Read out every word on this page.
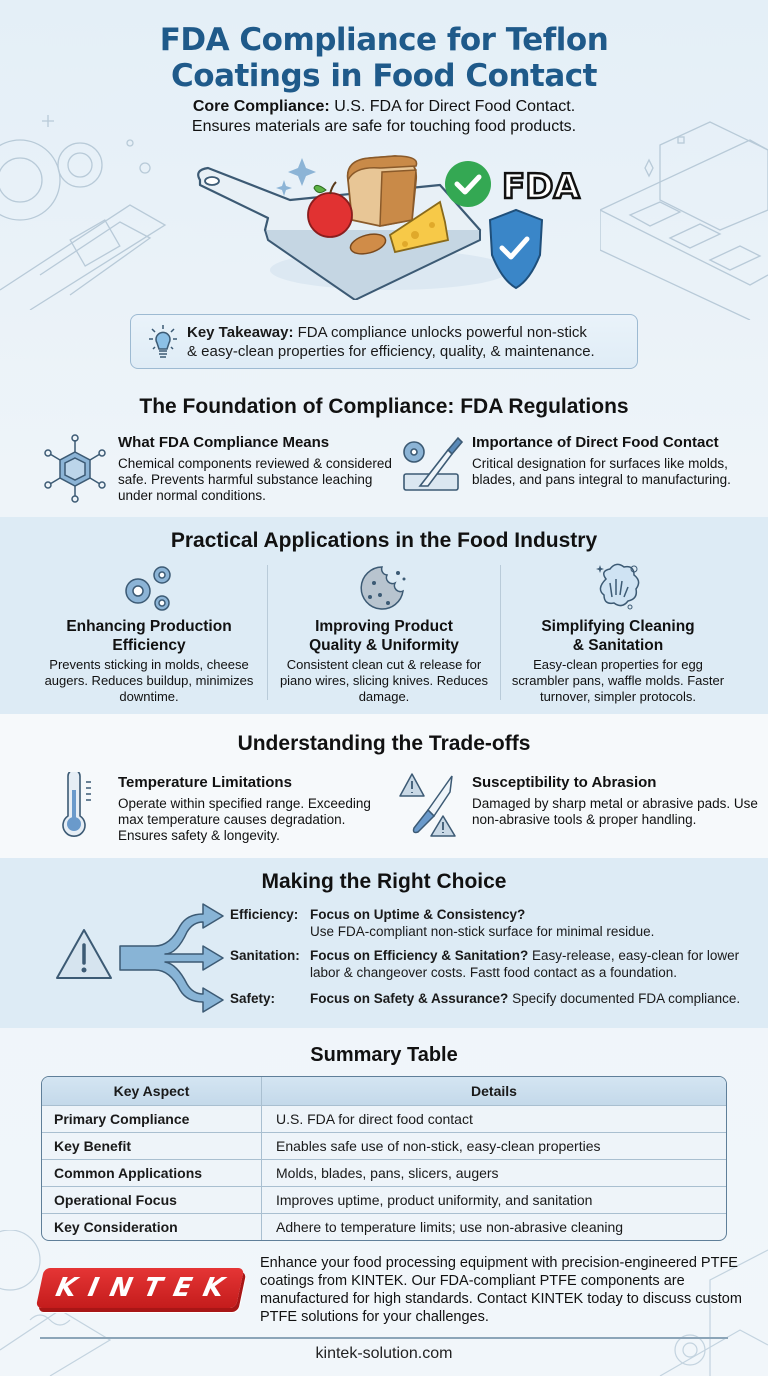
FDA Compliance for Teflon
Coatings in Food Contact
Core Compliance: U.S. FDA for Direct Food Contact.
Ensures materials are safe for touching food products.
FDA
Key Takeaway: FDA compliance unlocks powerful non-stick
& easy-clean properties for efficiency, quality, & maintenance.
The Foundation of Compliance: FDA Regulations
What FDA Compliance Means
Chemical components reviewed & considered safe. Prevents harmful substance leaching under normal conditions.
Importance of Direct Food Contact
Critical designation for surfaces like molds, blades, and pans integral to manufacturing.
Practical Applications in the Food Industry
Enhancing Production
Efficiency
Prevents sticking in molds, cheese augers. Reduces buildup, minimizes downtime.
Improving Product
Quality & Uniformity
Consistent clean cut & release for piano wires, slicing knives. Reduces damage.
Simplifying Cleaning
& Sanitation
Easy-clean properties for egg scrambler pans, waffle molds. Faster turnover, simpler protocols.
Understanding the Trade-offs
Temperature Limitations
Operate within specified range. Exceeding max temperature causes degradation. Ensures safety & longevity.
Susceptibility to Abrasion
Damaged by sharp metal or abrasive pads. Use non-abrasive tools & proper handling.
Making the Right Choice
Efficiency: Focus on Uptime & Consistency?
Use FDA-compliant non-stick surface for minimal residue.
Sanitation: Focus on Efficiency & Sanitation? Easy-release, easy-clean for lower labor & changeover costs. Fastt food contact as a foundation.
Safety:	Focus on Safety & Assurance? Specify documented FDA compliance.
Summary Table
Key Aspect	Details
Primary Compliance	U.S. FDA for direct food contact
Key Benefit	Enables safe use of non-stick, easy-clean properties
Common Applications	Molds, blades, pans, slicers, augers
Operational Focus	Improves uptime, product uniformity, and sanitation
Key Consideration	Adhere to temperature limits; use non-abrasive cleaning
KINTEK
Enhance your food processing equipment with precision-engineered PTFE coatings from KINTEK. Our FDA-compliant PTFE components are manufactured for high standards. Contact KINTEK today to discuss custom PTFE solutions for your challenges.
kintek-solution.com
